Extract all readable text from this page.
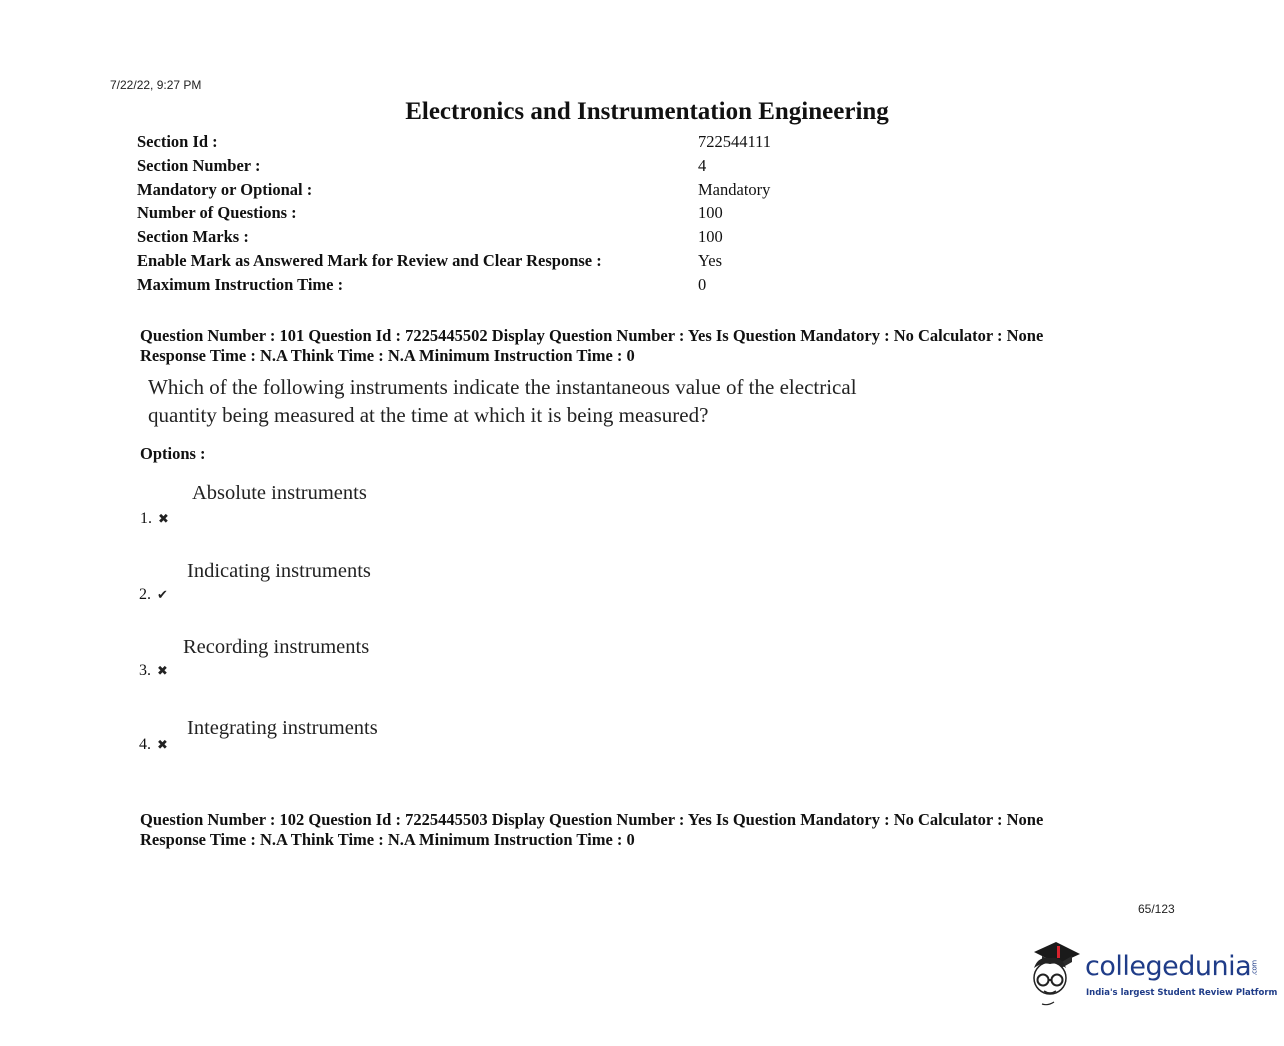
7/22/22, 9:27 PM
Electronics and Instrumentation Engineering
Section Id :	722544111
Section Number :	4
Mandatory or Optional :	Mandatory
Number of Questions :	100
Section Marks :	100
Enable Mark as Answered Mark for Review and Clear Response :	Yes
Maximum Instruction Time :	0
Question Number : 101 Question Id : 7225445502 Display Question Number : Yes Is Question Mandatory : No Calculator : None
Response Time : N.A Think Time : N.A Minimum Instruction Time : 0
Which of the following instruments indicate the instantaneous value of the electrical
quantity being measured at the time at which it is being measured?
Options :
Absolute instruments
1. ✖
Indicating instruments
2. ✔
Recording instruments
3. ✖
Integrating instruments
4. ✖
Question Number : 102 Question Id : 7225445503 Display Question Number : Yes Is Question Mandatory : No Calculator : None
Response Time : N.A Think Time : N.A Minimum Instruction Time : 0
65/123
collegedunia.com
India's largest Student Review Platform
